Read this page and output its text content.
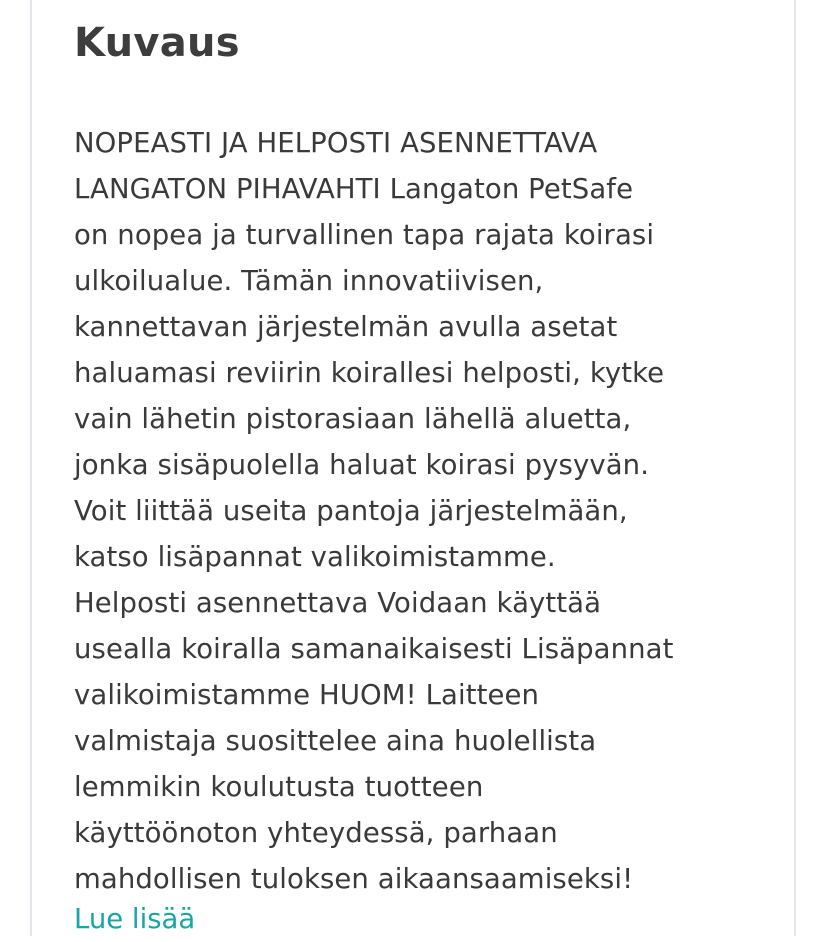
Kuvaus

NOPEASTI JA HELPOSTI ASENNETTAVA
LANGATON PIHAVAHTI Langaton PetSafe
on nopea ja turvallinen tapa rajata koirasi
ulkoilualue. Tämän innovatiivisen,
kannettavan järjestelmän avulla asetat
haluamasi reviirin koirallesi helposti, kytke
vain lähetin pistorasiaan lähellä aluetta,
jonka sisäpuolella haluat koirasi pysyvän.
Voit liittää useita pantoja järjestelmään,
katso lisäpannat valikoimistamme.
Helposti asennettava Voidaan käyttää
usealla koiralla samanaikaisesti Lisäpannat
valikoimistamme HUOM! Laitteen
valmistaja suosittelee aina huolellista
lemmikin koulutusta tuotteen
käyttöönoton yhteydessä, parhaan
mahdollisen tuloksen aikaansaamiseksi!

Lue lisää
